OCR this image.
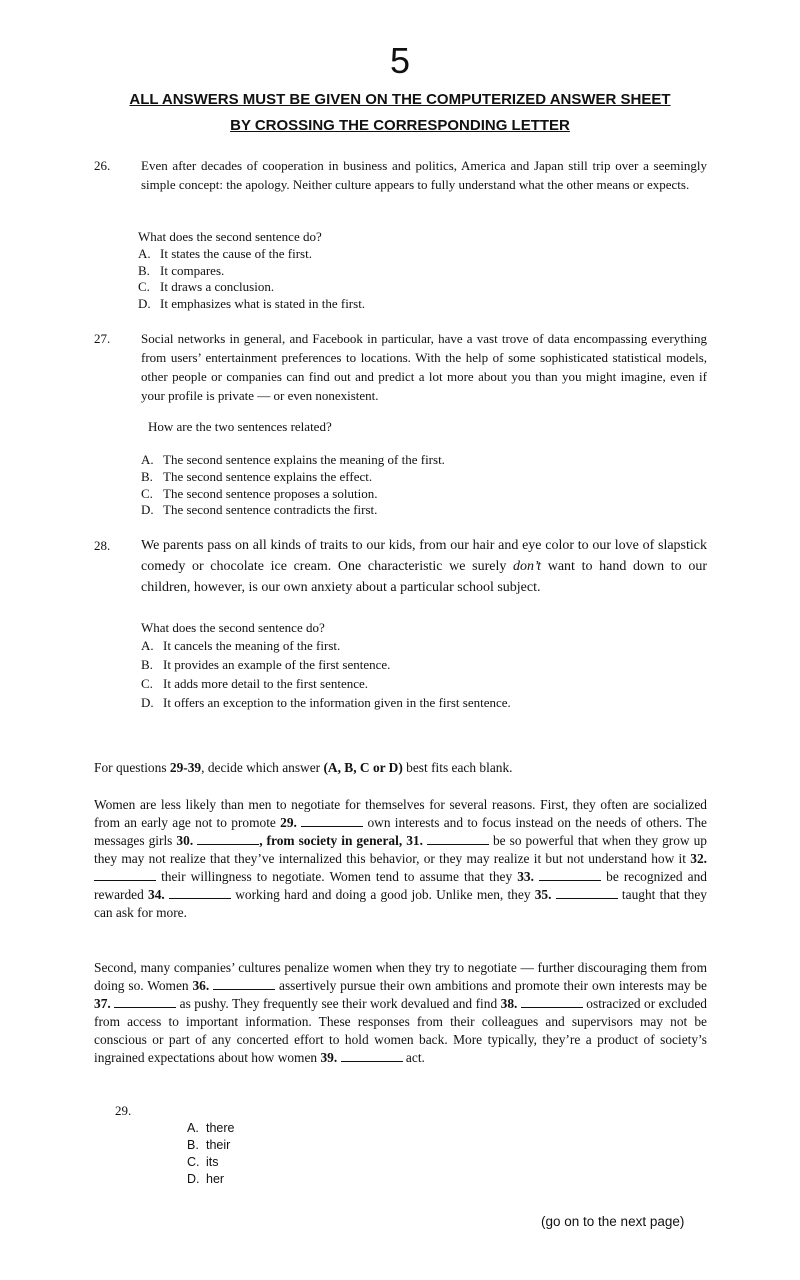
5
ALL ANSWERS MUST BE GIVEN ON THE COMPUTERIZED ANSWER SHEET
BY CROSSING THE CORRESPONDING LETTER
26. Even after decades of cooperation in business and politics, America and Japan still trip over a seemingly simple concept: the apology. Neither culture appears to fully understand what the other means or expects.
What does the second sentence do?
A. It states the cause of the first.
B. It compares.
C. It draws a conclusion.
D. It emphasizes what is stated in the first.
27. Social networks in general, and Facebook in particular, have a vast trove of data encompassing everything from users’ entertainment preferences to locations. With the help of some sophisticated statistical models, other people or companies can find out and predict a lot more about you than you might imagine, even if your profile is private — or even nonexistent.
How are the two sentences related?
A. The second sentence explains the meaning of the first.
B. The second sentence explains the effect.
C. The second sentence proposes a solution.
D. The second sentence contradicts the first.
28. We parents pass on all kinds of traits to our kids, from our hair and eye color to our love of slapstick comedy or chocolate ice cream. One characteristic we surely don’t want to hand down to our children, however, is our own anxiety about a particular school subject.
What does the second sentence do?
A. It cancels the meaning of the first.
B. It provides an example of the first sentence.
C. It adds more detail to the first sentence.
D. It offers an exception to the information given in the first sentence.
For questions 29-39, decide which answer (A, B, C or D) best fits each blank.
Women are less likely than men to negotiate for themselves for several reasons. First, they often are socialized from an early age not to promote 29.	own interests and to focus instead on the needs of others. The messages girls 30.	, from society in general, 31.	be so powerful that when they grow up they may not realize that they’ve internalized this behavior, or they may realize it but not understand how it 32.  their willingness to negotiate. Women tend to assume that they 33.	be recognized and rewarded 34.	working hard and doing a good job. Unlike men, they 35.	taught that they can ask for more.
Second, many companies’ cultures penalize women when they try to negotiate — further discouraging them from doing so. Women 36.	assertively pursue their own ambitions and promote their own interests may be 37.	as pushy. They frequently see their work devalued and find 38.	ostracized or excluded from access to important information. These responses from their colleagues and supervisors may not be conscious or part of any concerted effort to hold women back. More typically, they’re a product of society’s ingrained expectations about how women 39.	act.
29.
A. there
B. their
C. its
D. her
(go on to the next page)
